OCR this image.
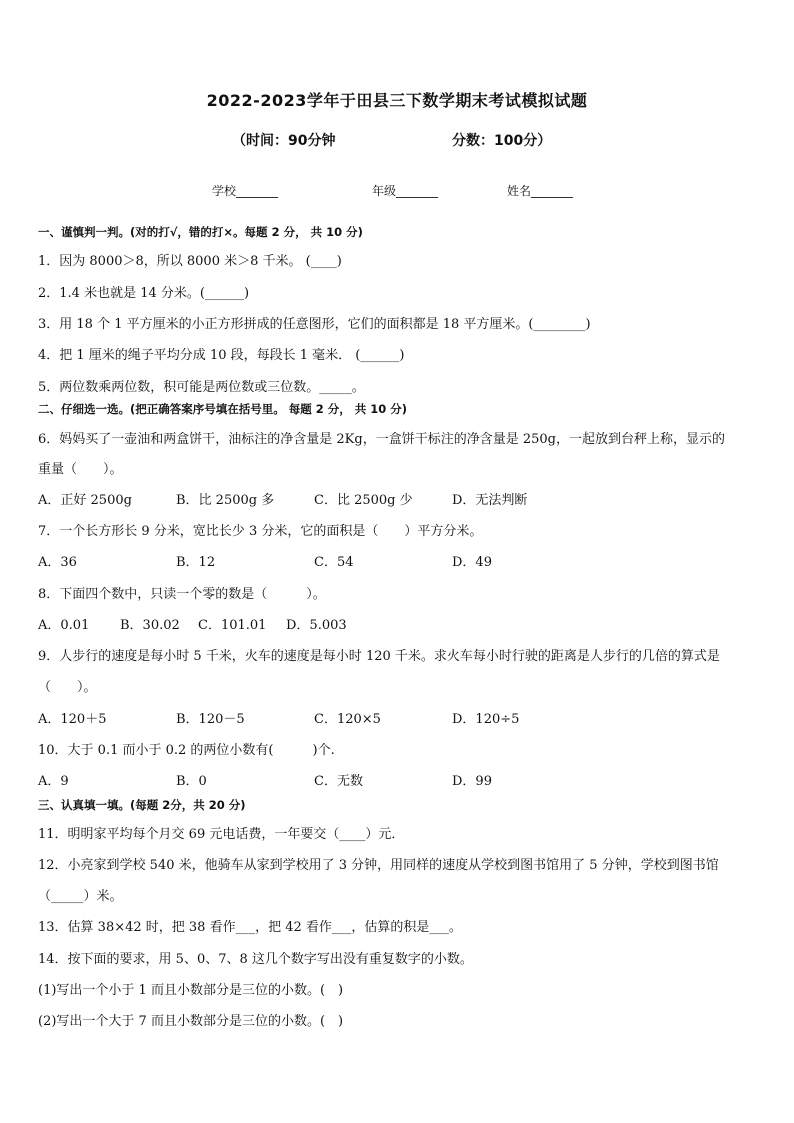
2022-2023学年于田县三下数学期末考试模拟试题
（时间：90分钟	分数：100分）
学校_______	年级_______	姓名_______
一、谨慎判一判。(对的打√，错的打×。每题 2 分， 共 10 分)
1．因为 8000＞8，所以 8000 米＞8 千米。 (____)
2．1.4 米也就是 14 分米。(______)
3．用 18 个 1 平方厘米的小正方形拼成的任意图形，它们的面积都是 18 平方厘米。(________)
4．把 1 厘米的绳子平均分成 10 段，每段长 1 毫米． (______)
5．两位数乘两位数，积可能是两位数或三位数。_____。
二、仔细选一选。(把正确答案序号填在括号里。 每题 2 分， 共 10 分)
6．妈妈买了一壶油和两盒饼干，油标注的净含量是 2Kg，一盒饼干标注的净含量是 250g，一起放到台秤上称，显示的
重量（　　）。
A．正好 2500g	B．比 2500g 多	C．比 2500g 少	D．无法判断
7．一个长方形长 9 分米，宽比长少 3 分米，它的面积是（　　）平方分米。
A．36	B．12	C．54	D．49
8．下面四个数中，只读一个零的数是（　　　）。
A．0.01 B．30.02 C．101.01 D．5.003
9．人步行的速度是每小时 5 千米，火车的速度是每小时 120 千米。求火车每小时行驶的距离是人步行的几倍的算式是
（　　）。
A．120＋5	B．120－5	C．120×5	D．120÷5
10．大于 0.1 而小于 0.2 的两位小数有(　　　)个.
A．9	B．0	C．无数	D．99
三、认真填一填。(每题 2分，共 20 分)
11．明明家平均每个月交 69 元电话费，一年要交（____）元．
12．小亮家到学校 540 米，他骑车从家到学校用了 3 分钟，用同样的速度从学校到图书馆用了 5 分钟，学校到图书馆
（_____）米。
13．估算 38×42 时，把 38 看作___，把 42 看作___，估算的积是___。
14．按下面的要求，用 5、0、7、8 这几个数字写出没有重复数字的小数。
(1)写出一个小于 1 而且小数部分是三位的小数。(　)
(2)写出一个大于 7 而且小数部分是三位的小数。(　)
